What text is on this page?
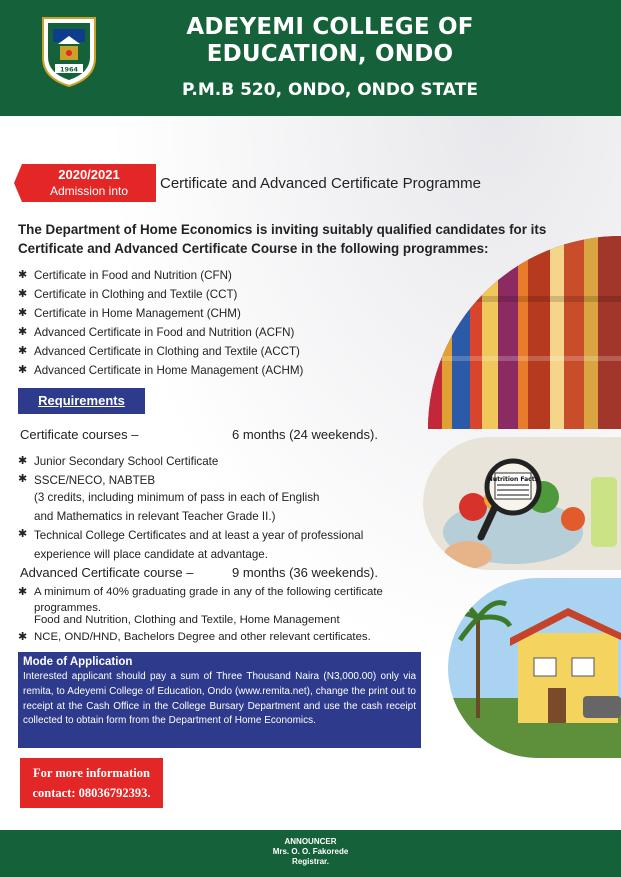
1964
ADEYEMI COLLEGE OF EDUCATION, ONDO
P.M.B 520, ONDO, ONDO STATE
2020/2021
Admission into	Certificate and Advanced Certificate Programme
The Department of Home Economics is inviting suitably qualified candidates for its Certificate and Advanced Certificate Course in the following programmes:
✱ Certificate in Food and Nutrition (CFN)
✱ Certificate in Clothing and Textile (CCT)
✱ Certificate in Home Management (CHM)
✱ Advanced Certificate in Food and Nutrition (ACFN)
✱ Advanced Certificate in Clothing and Textile (ACCT)
✱ Advanced Certificate in Home Management (ACHM)
Requirements
Certificate courses –	6 months (24 weekends).
✱ Junior Secondary School Certificate
✱ SSCE/NECO, NABTEB
(3 credits, including minimum of pass in each of English
and Mathematics in relevant Teacher Grade II.)
✱ Technical College Certificates and at least a year of professional
experience will place candidate at advantage.
Advanced Certificate course –	9 months (36 weekends).
✱ A minimum of 40% graduating grade in any of the following certificate
programmes.
Food and Nutrition, Clothing and Textile, Home Management
✱ NCE, OND/HND, Bachelors Degree and other relevant certificates.
Mode of Application
Interested applicant should pay a sum of Three Thousand Naira (N3,000.00) only via remita, to Adeyemi College of Education, Ondo (www.remita.net), change the print out to receipt at the Cash Office in the College Bursary Department and use the cash receipt collected to obtain form from the Department of Home Economics.
For more information
contact: 08036792393.
Nutrition Facts
ANNOUNCER
Mrs. O. O. Fakorede
Registrar.
